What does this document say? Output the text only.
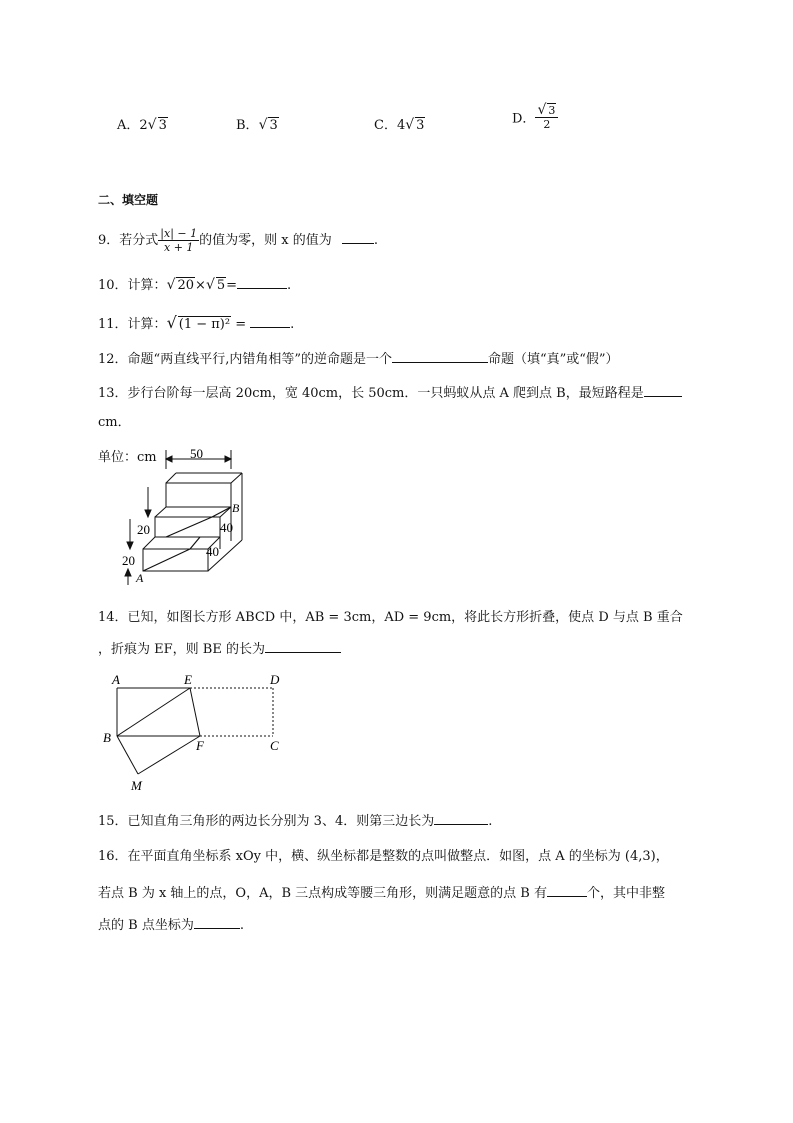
A．2√ 3	B．√ 3	C．4√ 3	D． $\frac{√ 3}{2}$
二、填空题
9．若分式 $\frac{|x| - 1}{x + 1}$ 的值为零，则 x 的值为	.
10．计算：√ 20×√ 5=	.
11．计算：√ (1 − π)² =	.
12．命题“两直线平行,内错角相等”的逆命题是一个	命题（填“真”或“假”）
13．步行台阶每一层高 20cm，宽 40cm，长 50cm．一只蚂蚁从点 A 爬到点 B，最短路程是
cm．
单位：cm	50
20
20
40
40
A
B
14．已知，如图长方形 ABCD 中，AB = 3cm，AD = 9cm，将此长方形折叠，使点 D 与点 B 重合
，折痕为 EF，则 BE 的长为
A	E	D
B
F	C
M
15．已知直角三角形的两边长分别为 3、4．则第三边长为	.
16．在平面直角坐标系 xOy 中，横、纵坐标都是整数的点叫做整点．如图，点 A 的坐标为 (4,3)，
若点 B 为 x 轴上的点，O，A，B 三点构成等腰三角形，则满足题意的点 B 有	个，其中非整
点的 B 点坐标为	.
